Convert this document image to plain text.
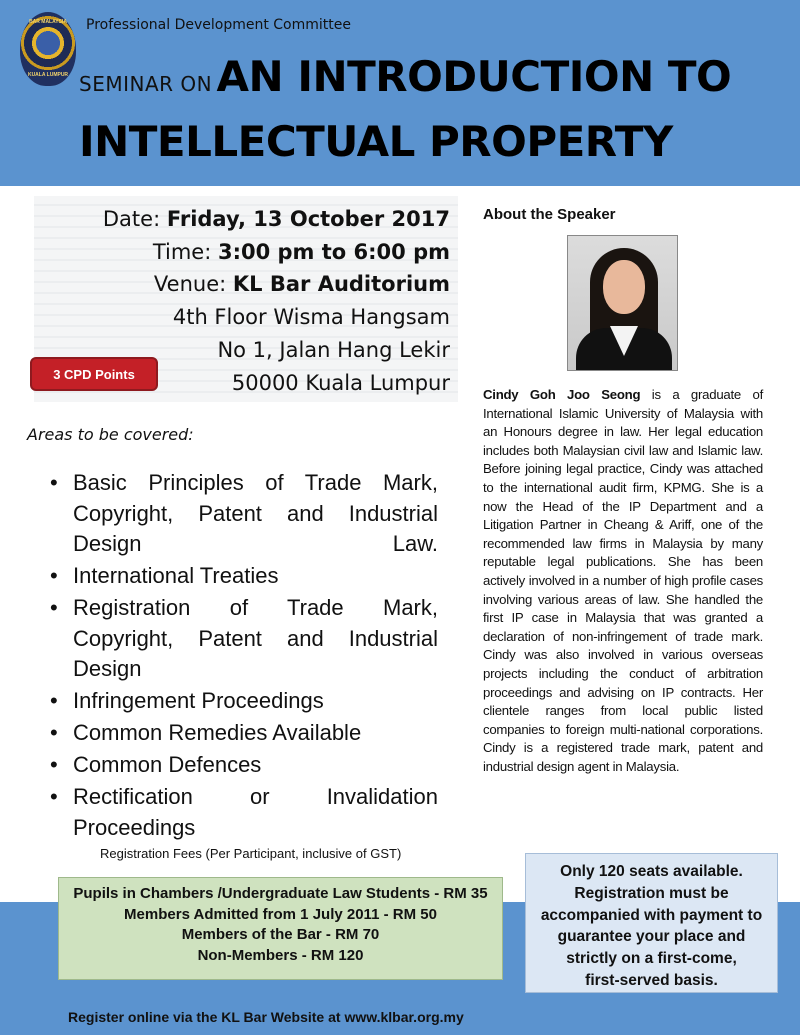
BAR MALAYSIA
KUALA LUMPUR
Professional Development Committee
SEMINAR ON AN INTRODUCTION TO
INTELLECTUAL PROPERTY
Date: Friday, 13 October 2017
Time: 3:00 pm to 6:00 pm
Venue: KL Bar Auditorium
4th Floor Wisma Hangsam
No 1, Jalan Hang Lekir
50000 Kuala Lumpur
3 CPD Points
Areas to be covered:
• Basic Principles of Trade Mark, Copyright, Patent and Industrial Design Law.
• International Treaties
• Registration of Trade Mark, Copyright, Patent and Industrial Design
• Infringement Proceedings
• Common Remedies Available
• Common Defences
• Rectification or Invalidation Proceedings
About the Speaker
Cindy Goh Joo Seong is a graduate of International Islamic University of Malaysia with an Honours degree in law. Her legal education includes both Malaysian civil law and Islamic law. Before joining legal practice, Cindy was attached to the international audit firm, KPMG. She is a now the Head of the IP Department and a Litigation Partner in Cheang & Ariff, one of the recommended law firms in Malaysia by many reputable legal publications. She has been actively involved in a number of high profile cases involving various areas of law. She handled the first IP case in Malaysia that was granted a declaration of non-infringement of trade mark. Cindy was also involved in various overseas projects including the conduct of arbitration proceedings and advising on IP contracts. Her clientele ranges from local public listed companies to foreign multi-national corporations. Cindy is a registered trade mark, patent and industrial design agent in Malaysia.
Registration Fees (Per Participant, inclusive of GST)
Pupils in Chambers /Undergraduate Law Students - RM 35
Members Admitted from 1 July 2011 - RM 50
Members of the Bar - RM 70
Non-Members - RM 120
Only 120 seats available.
Registration must be
accompanied with payment to
guarantee your place and
strictly on a first-come,
first-served basis.
Register online via the KL Bar Website at www.klbar.org.my
